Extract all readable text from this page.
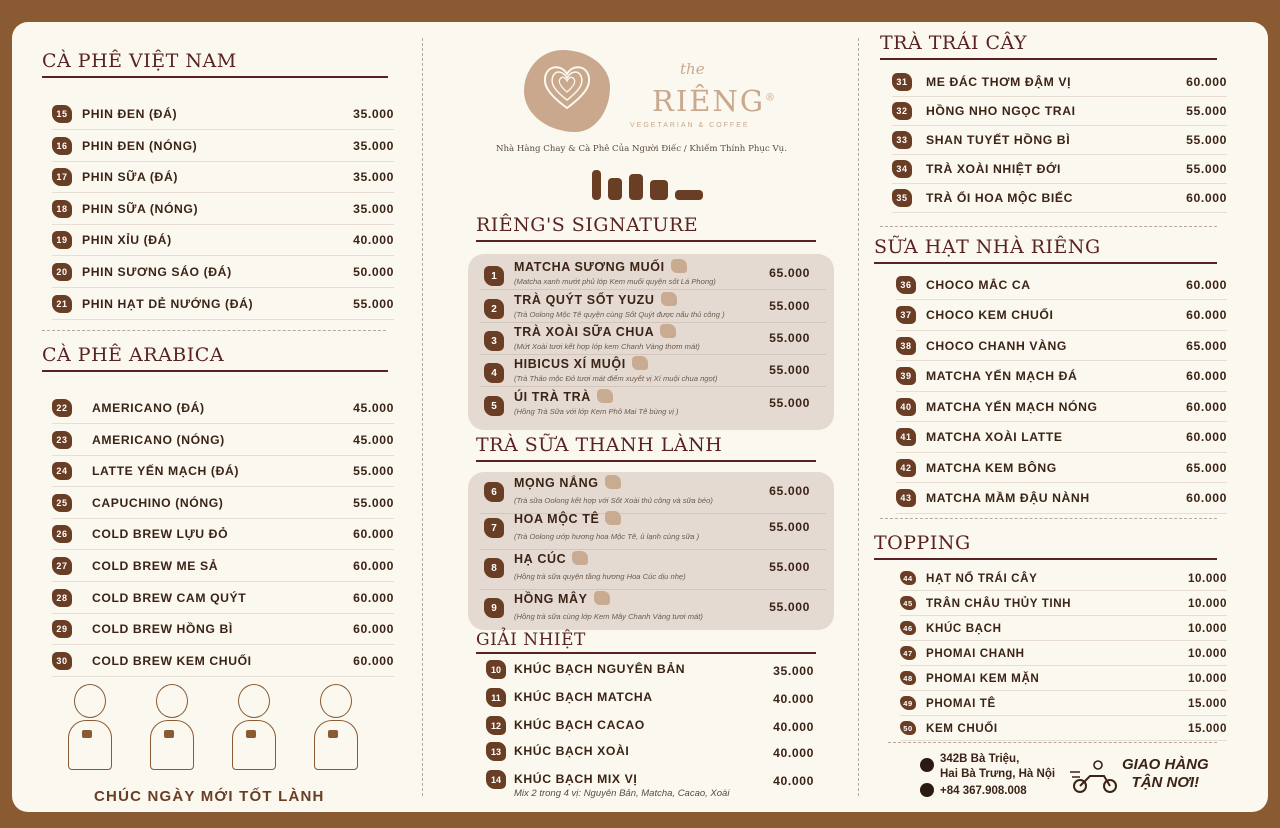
CÀ PHÊ VIỆT NAM
15	PHIN ĐEN (ĐÁ)	35.000
16	PHIN ĐEN (NÓNG)	35.000
17	PHIN SỮA (ĐÁ)	35.000
18	PHIN SỮA (NÓNG)	35.000
19	PHIN XỈU (ĐÁ)	40.000
20	PHIN SƯƠNG SÁO (ĐÁ)	50.000
21	PHIN HẠT DẺ NƯỚNG (ĐÁ)	55.000
CÀ PHÊ ARABICA
22	AMERICANO (ĐÁ)	45.000
23	AMERICANO (NÓNG)	45.000
24	LATTE YẾN MẠCH (ĐÁ)	55.000
25	CAPUCHINO (NÓNG)	55.000
26	COLD BREW LỰU ĐỎ	60.000
27	COLD BREW ME SẢ	60.000
28	COLD BREW CAM QUÝT	60.000
29	COLD BREW HỒNG BÌ	60.000
30	COLD BREW KEM CHUỐI	60.000
CHÚC NGÀY MỚI TỐT LÀNH
the
RIÊNG®
VEGETARIAN & COFFEE
Nhà Hàng Chay & Cà Phê Của Người Điếc / Khiếm Thính Phục Vụ.
RIÊNG'S SIGNATURE
1
MATCHA SƯƠNG MUỐI
(Matcha xanh mướt phủ lớp Kem muối quyện sốt Lá Phong)
65.000
2
TRÀ QUÝT SỐT YUZU
(Trà Oolong Mộc Tê quyện cùng Sốt Quýt được nấu thủ công )
55.000
3
TRÀ XOÀI SỮA CHUA
(Mứt Xoài tươi kết hợp lớp kem Chanh Vàng thơm mát)
55.000
4
HIBICUS XÍ MUỘI
(Trà Thảo mộc Đỏ tươi mát điểm xuyết vị Xí muội chua ngọt)
55.000
5
ÚI TRÀ TRÀ
(Hồng Trà Sữa với lớp Kem Phô Mai Tê bùng vị )
55.000
TRÀ SỮA THANH LÀNH
6
MỌNG NẮNG
(Trà sữa Oolong kết hợp với Sốt Xoài thủ công và sữa béo)
65.000
7
HOA MỘC TÊ
(Trà Oolong ướp hương hoa Mộc Tê, ủ lạnh cùng sữa )
55.000
8
HẠ CÚC
(Hồng trà sữa quyện tầng hương Hoa Cúc dịu nhẹ)
55.000
9
HỒNG MÂY
(Hồng trà sữa cùng lớp Kem Mây Chanh Vàng tươi mát)
55.000
GIẢI NHIỆT
10	KHÚC BẠCH NGUYÊN BẢN	35.000
11	KHÚC BẠCH MATCHA	40.000
12	KHÚC BẠCH CACAO	40.000
13	KHÚC BẠCH XOÀI	40.000
14	KHÚC BẠCH MIX VỊ	40.000
Mix 2 trong 4 vị: Nguyên Bản, Matcha, Cacao, Xoài
TRÀ TRÁI CÂY
31	ME ĐÁC THƠM ĐẬM VỊ	60.000
32	HỒNG NHO NGỌC TRAI	55.000
33	SHAN TUYẾT HỒNG BÌ	55.000
34	TRÀ XOÀI NHIỆT ĐỚI	55.000
35	TRÀ ỔI HOA MỘC BIẾC	60.000
SỮA HẠT NHÀ RIÊNG
36	CHOCO MẮC CA	60.000
37	CHOCO KEM CHUỐI	60.000
38	CHOCO CHANH VÀNG	65.000
39	MATCHA YẾN MẠCH ĐÁ	60.000
40	MATCHA YẾN MẠCH NÓNG	60.000
41	MATCHA XOÀI LATTE	60.000
42	MATCHA KEM BÔNG	65.000
43	MATCHA MẦM ĐẬU NÀNH	60.000
TOPPING
44 HẠT NỔ TRÁI CÂY	10.000
45 TRÂN CHÂU THỦY TINH	10.000
46 KHÚC BẠCH	10.000
47 PHOMAI CHANH	10.000
48 PHOMAI KEM MẶN	10.000
49 PHOMAI TÊ	15.000
50 KEM CHUỐI	15.000
342B Bà Triệu,
Hai Bà Trưng, Hà Nội
+84 367.908.008
GIAO HÀNG
TẬN NƠI!
